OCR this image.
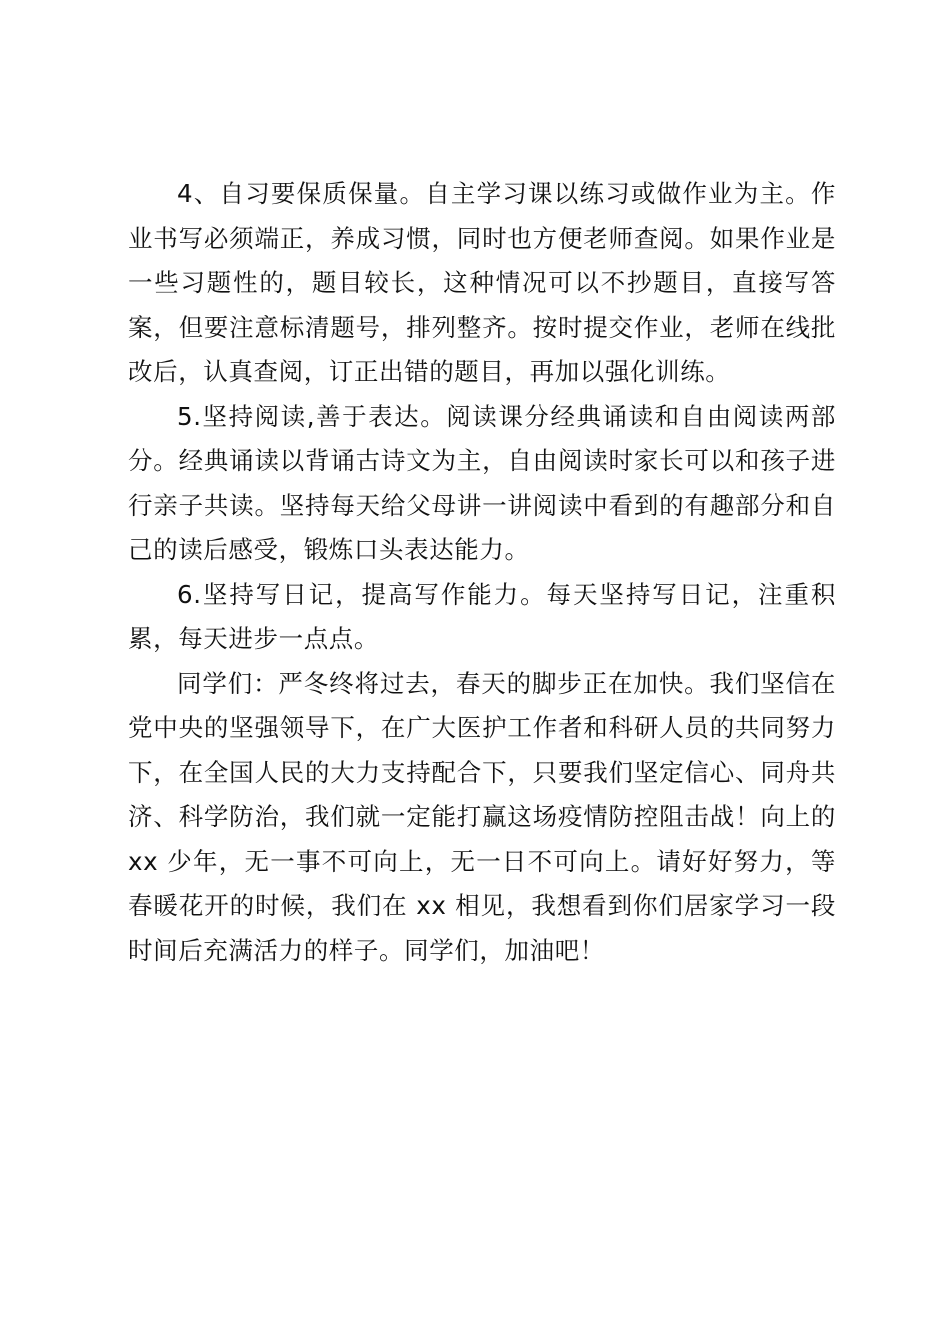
4、自习要保质保量。自主学习课以练习或做作业为主。作业书写必须端正，养成习惯，同时也方便老师查阅。如果作业是一些习题性的，题目较长，这种情况可以不抄题目，直接写答案，但要注意标清题号，排列整齐。按时提交作业，老师在线批改后，认真查阅，订正出错的题目，再加以强化训练。

5.坚持阅读,善于表达。阅读课分经典诵读和自由阅读两部分。经典诵读以背诵古诗文为主，自由阅读时家长可以和孩子进行亲子共读。坚持每天给父母讲一讲阅读中看到的有趣部分和自己的读后感受，锻炼口头表达能力。

6.坚持写日记，提高写作能力。每天坚持写日记，注重积累，每天进步一点点。

同学们：严冬终将过去，春天的脚步正在加快。我们坚信在党中央的坚强领导下，在广大医护工作者和科研人员的共同努力下，在全国人民的大力支持配合下，只要我们坚定信心、同舟共济、科学防治，我们就一定能打赢这场疫情防控阻击战！向上的 xx 少年，无一事不可向上，无一日不可向上。请好好努力，等春暖花开的时候，我们在 xx 相见，我想看到你们居家学习一段时间后充满活力的样子。同学们，加油吧！
